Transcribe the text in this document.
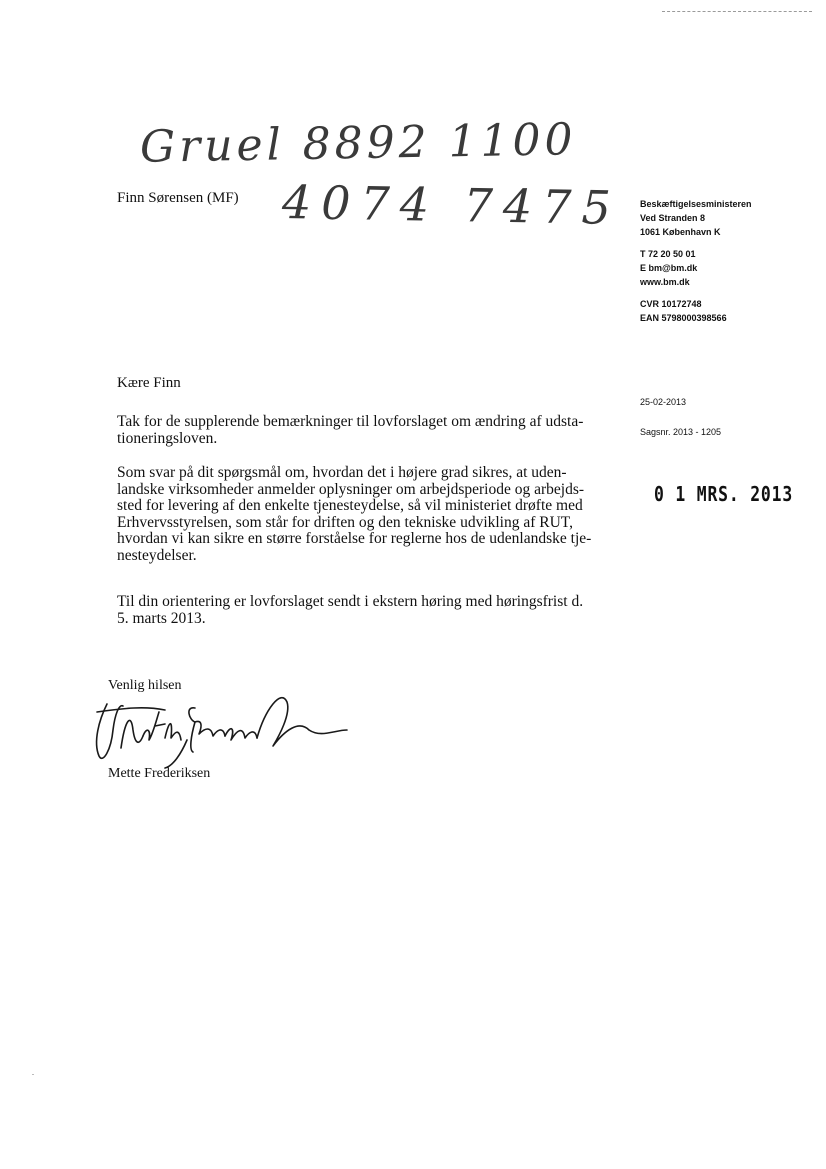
Gruel 8892 1100
4074 7475
Finn Sørensen (MF)	Beskæftigelsesministeren
Ved Stranden 8
1061 København K
T 72 20 50 01
E bm@bm.dk
www.bm.dk
CVR 10172748
EAN 5798000398566
25-02-2013
Sagsnr. 2013 - 1205
0 1 MRS. 2013
Kære Finn
Tak for de supplerende bemærkninger til lovforslaget om ændring af udsta-
tioneringsloven.
Som svar på dit spørgsmål om, hvordan det i højere grad sikres, at uden-
landske virksomheder anmelder oplysninger om arbejdsperiode og arbejds-
sted for levering af den enkelte tjenesteydelse, så vil ministeriet drøfte med
Erhvervsstyrelsen, som står for driften og den tekniske udvikling af RUT,
hvordan vi kan sikre en større forståelse for reglerne hos de udenlandske tje-
nesteydelser.
Til din orientering er lovforslaget sendt i ekstern høring med høringsfrist d.
5. marts 2013.
Venlig hilsen
Mette Frederiksen
